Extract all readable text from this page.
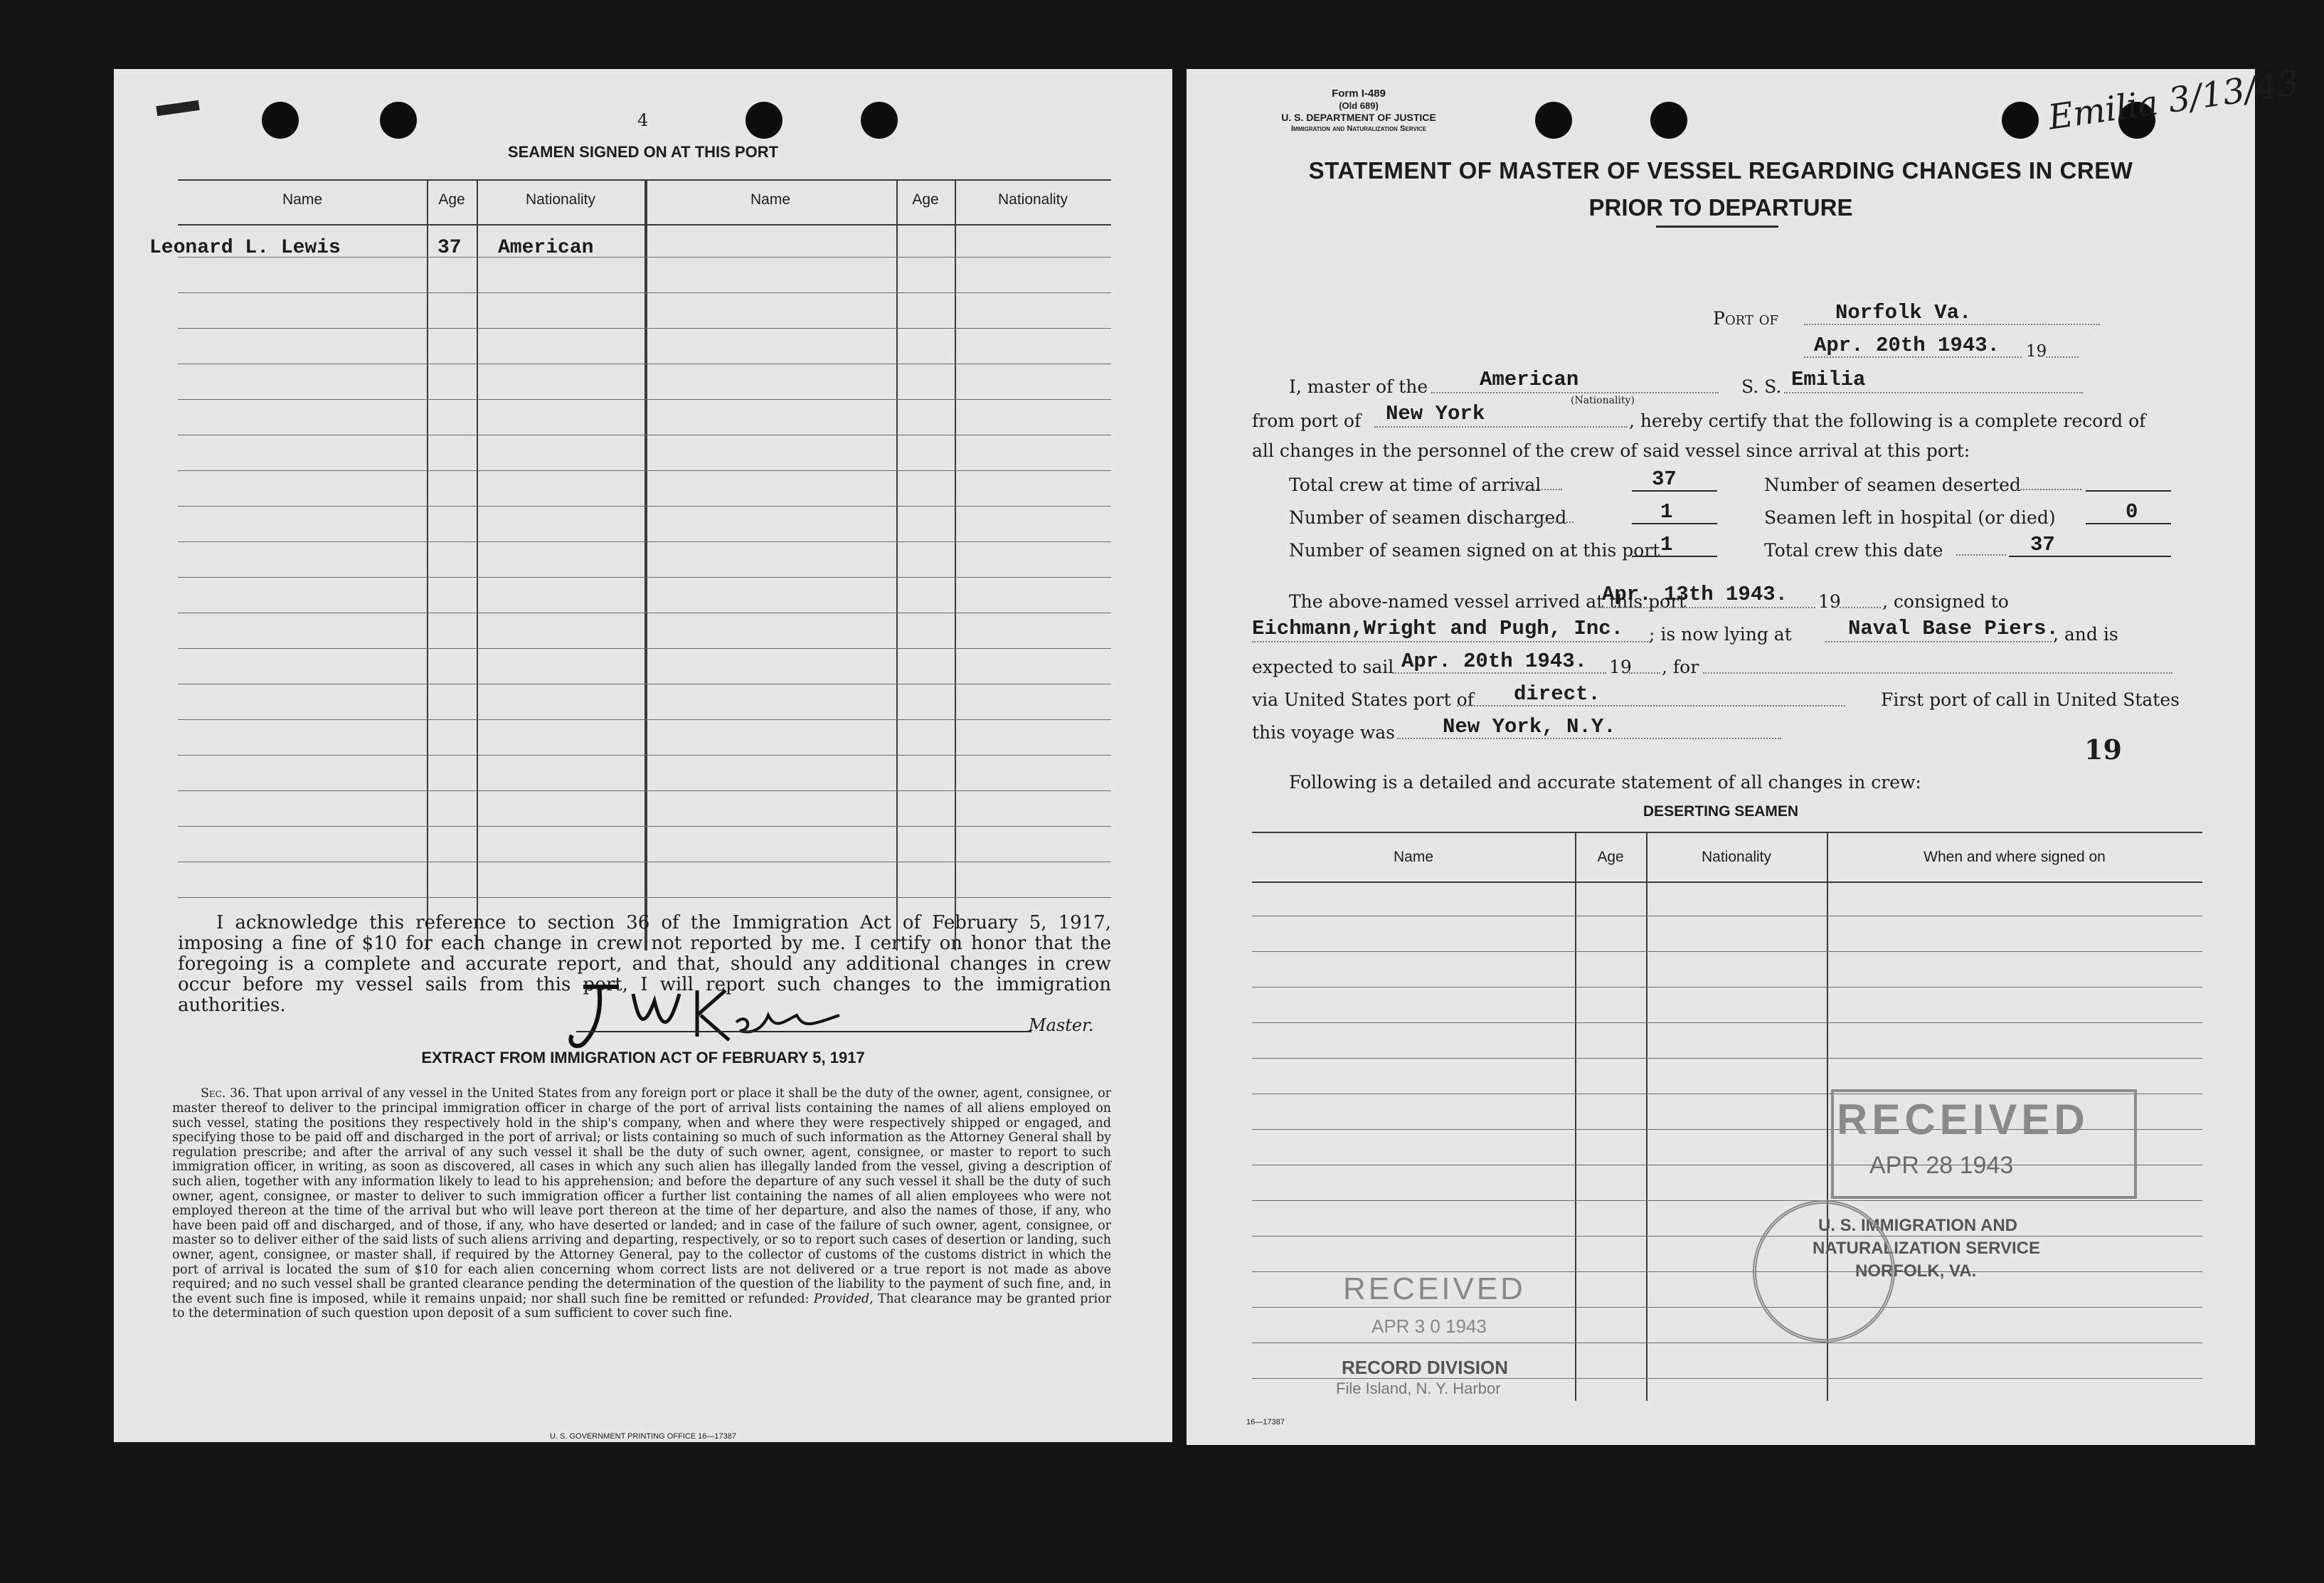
4
SEAMEN SIGNED ON AT THIS PORT
Name	Age	Nationality	Name	Age	Nationality
Leonard L. Lewis	37 American

I acknowledge this reference to section 36 of the Immigration Act of February 5, 1917, imposing a fine of $10 for each change in crew not reported by me. I certify on honor that the foregoing is a complete and accurate report, and that, should any additional changes in crew occur before my vessel sails from this port, I will report such changes to the immigration authorities.

Master.
EXTRACT FROM IMMIGRATION ACT OF FEBRUARY 5, 1917

Sec. 36. That upon arrival of any vessel in the United States from any foreign port or place it shall be the duty of the owner, agent, consignee, or master thereof to deliver to the principal immigration officer in charge of the port of arrival lists containing the names of all aliens employed on such vessel, stating the positions they respectively hold in the ship's company, when and where they were respectively shipped or engaged, and specifying those to be paid off and discharged in the port of arrival; or lists containing so much of such information as the Attorney General shall by regulation prescribe; and after the arrival of any such vessel it shall be the duty of such owner, agent, consignee, or master to report to such immigration officer, in writing, as soon as discovered, all cases in which any such alien has illegally landed from the vessel, giving a description of such alien, together with any information likely to lead to his apprehension; and before the departure of any such vessel it shall be the duty of such owner, agent, consignee, or master to deliver to such immigration officer a further list containing the names of all alien employees who were not employed thereon at the time of the arrival but who will leave port thereon at the time of her departure, and also the names of those, if any, who have been paid off and discharged, and of those, if any, who have deserted or landed; and in case of the failure of such owner, agent, consignee, or master so to deliver either of the said lists of such aliens arriving and departing, respectively, or so to report such cases of desertion or landing, such owner, agent, consignee, or master shall, if required by the Attorney General, pay to the collector of customs of the customs district in which the port of arrival is located the sum of $10 for each alien concerning whom correct lists are not delivered or a true report is not made as above required; and no such vessel shall be granted clearance pending the determination of the question of the liability to the payment of such fine, and, in the event such fine is imposed, while it remains unpaid; nor shall such fine be remitted or refunded: Provided, That clearance may be granted prior to the determination of such question upon deposit of a sum sufficient to cover such fine.

U. S. GOVERNMENT PRINTING OFFICE 16—17387
Form I-489
(Old 689)
U. S. DEPARTMENT OF JUSTICE
Immigration and Naturalization Service	Emilia 3/13/43
STATEMENT OF MASTER OF VESSEL REGARDING CHANGES IN CREW
PRIOR TO DEPARTURE
Port of	Norfolk Va.
Apr. 20th 1943. 19
I, master of the	American
(Nationality)
S. S. Emilia
from port of New York	, hereby certify that the following is a complete record of
all changes in the personnel of the crew of said vessel since arrival at this port:
Total crew at time of arrival	37	Number of seamen deserted
Number of seamen discharged	1	Seamen left in hospital (or died)	0
Number of seamen signed on at this port 1	Total crew this date	37
The above-named vessel arrived at this port
Apr. 13th 1943. 19 , consigned to
Eichmann,Wright and Pugh, Inc. ; is now lying at	Naval Base Piers.
, and is
expected to sail Apr. 20th 1943. 19 , for
via United States port of direct.	First port of call in United States
this voyage was New York, N.Y.
19
Following is a detailed and accurate statement of all changes in crew:
DESERTING SEAMEN
Name	Age	Nationality	When and where signed on
RECEIVED
APR 28 1943
U. S. IMMIGRATION AND
NATURALIZATION SERVICE
NORFOLK, VA.
RECEIVED
APR 3 0 1943
RECORD DIVISION
File Island, N. Y. Harbor
16—17387
